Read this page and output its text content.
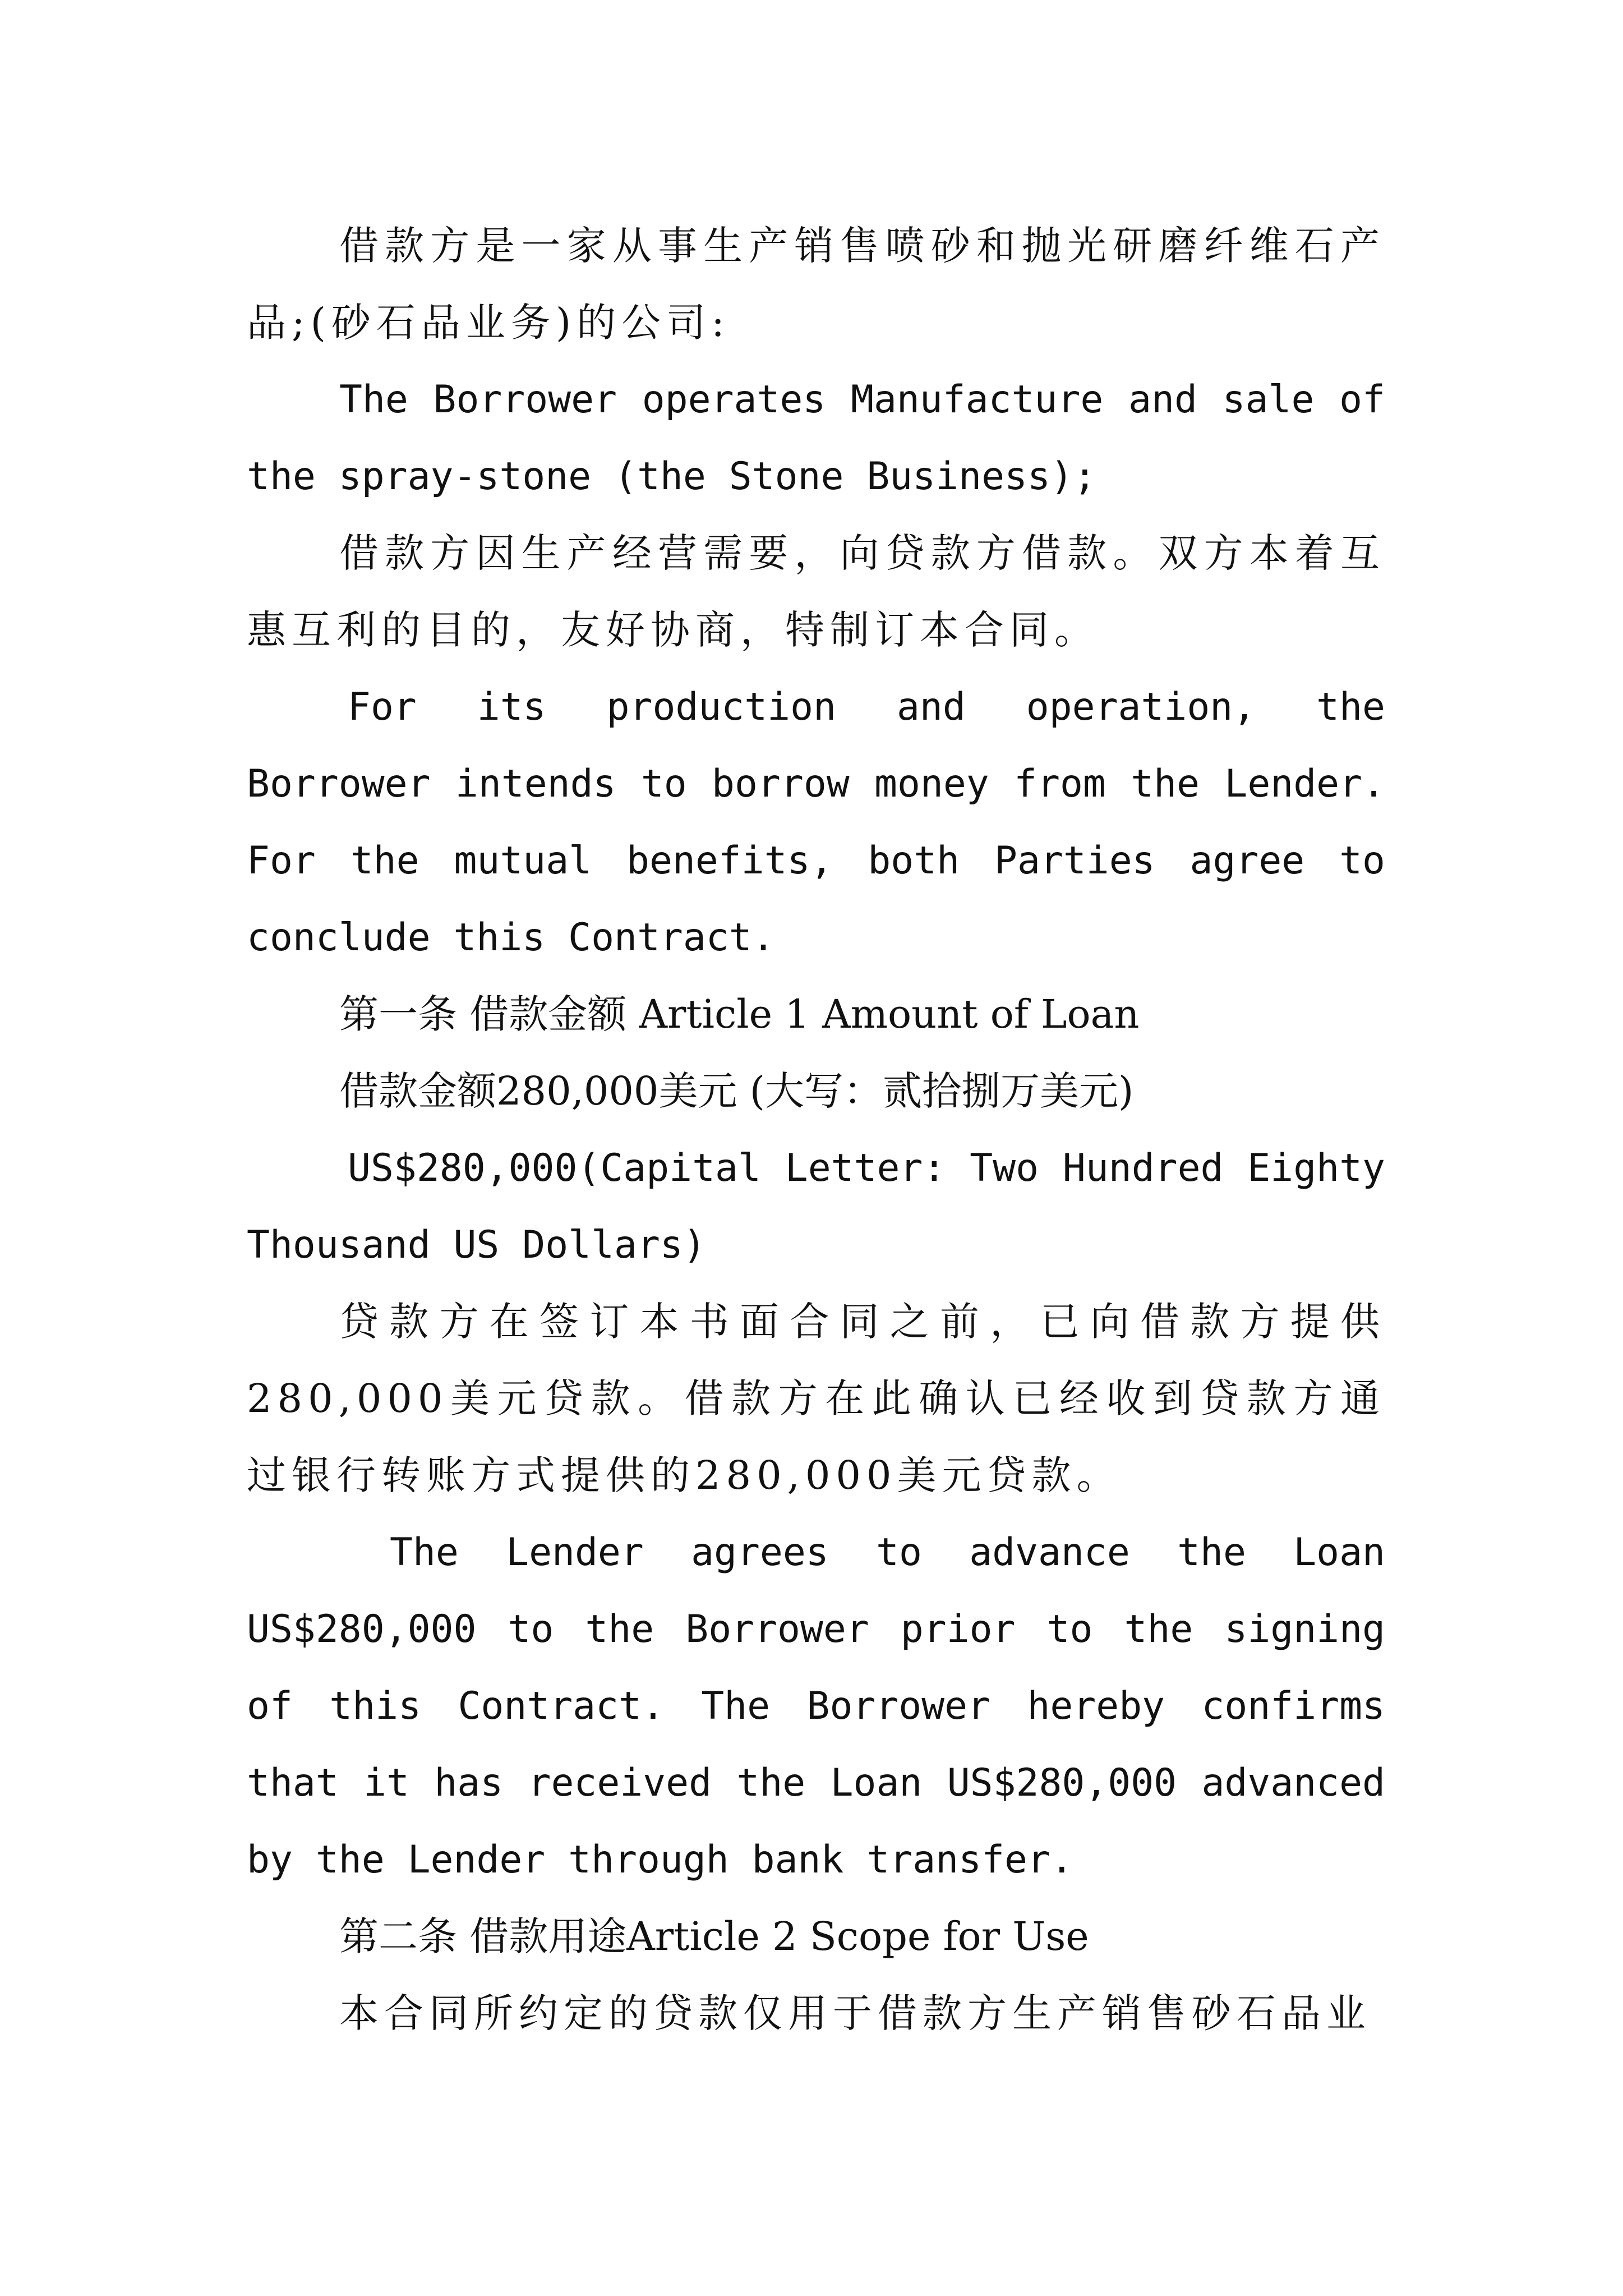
借款方是一家从事生产销售喷砂和抛光研磨纤维石产品;(砂石品业务)的公司:

The Borrower operates Manufacture and sale of the spray-stone (the Stone Business);

借款方因生产经营需要，向贷款方借款。双方本着互惠互利的目的，友好协商，特制订本合同。

For its production and operation, the Borrower intends to borrow money from the Lender. For the mutual benefits, both Parties agree to conclude this Contract.

第一条 借款金额 Article 1 Amount of Loan

借款金额280,000美元 (大写：贰拾捌万美元)

US$280,000(Capital Letter: Two Hundred Eighty Thousand US Dollars)

贷款方在签订本书面合同之前，已向借款方提供280,000美元贷款。借款方在此确认已经收到贷款方通过银行转账方式提供的280,000美元贷款。

The Lender agrees to advance the Loan US$280,000 to the Borrower prior to the signing of this Contract. The Borrower hereby confirms that it has received the Loan US$280,000 advanced by the Lender through bank transfer.

第二条 借款用途Article 2 Scope for Use

本合同所约定的贷款仅用于借款方生产销售砂石品业
